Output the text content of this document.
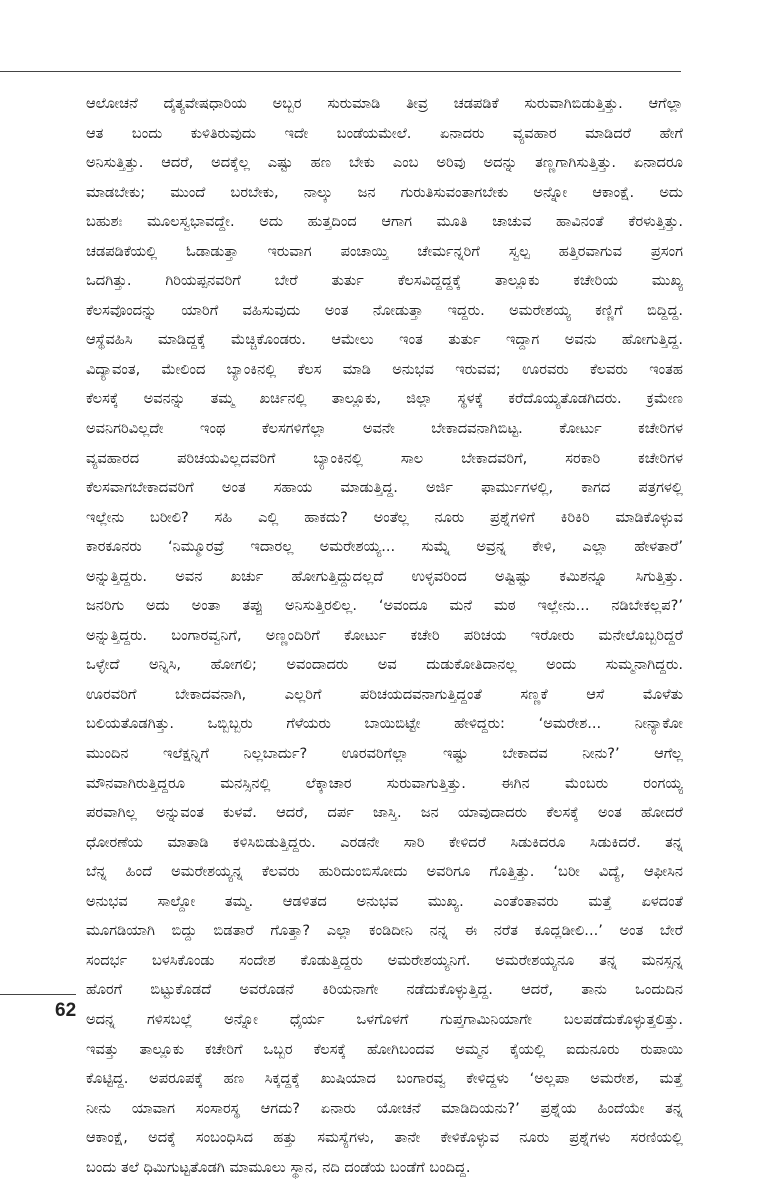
ಆಲೋಚನೆ ದೈತ್ಯವೇಷಧಾರಿಯ ಅಬ್ಬರ ಸುರುಮಾಡಿ ತೀವ್ರ ಚಡಪಡಿಕೆ ಸುರುವಾಗಿಬಿಡುತ್ತಿತ್ತು. ಆಗೆಲ್ಲಾ
ಆತ ಬಂದು ಕುಳಿತಿರುವುದು ಇದೇ ಬಂಡೆಯಮೇಲೆ. ಏನಾದರು ವ್ಯವಹಾರ ಮಾಡಿದರೆ ಹೇಗೆ
ಅನಿಸುತ್ತಿತ್ತು. ಆದರೆ, ಅದಕ್ಕೆಲ್ಲ ಎಷ್ಟು ಹಣ ಬೇಕು ಎಂಬ ಅರಿವು ಅದನ್ನು ತಣ್ಣಗಾಗಿಸುತ್ತಿತ್ತು. ಏನಾದರೂ
ಮಾಡಬೇಕು; ಮುಂದೆ ಬರಬೇಕು, ನಾಲ್ಕು ಜನ ಗುರುತಿಸುವಂತಾಗಬೇಕು ಅನ್ನೋ ಆಕಾಂಕ್ಷೆ. ಅದು
ಬಹುಶಃ ಮೂಲಸ್ವಭಾವದ್ದೇ. ಅದು ಹುತ್ತದಿಂದ ಆಗಾಗ ಮೂತಿ ಚಾಚುವ ಹಾವಿನಂತೆ ಕೆರಳುತ್ತಿತ್ತು.
ಚಡಪಡಿಕೆಯಲ್ಲಿ ಓಡಾಡುತ್ತಾ ಇರುವಾಗ ಪಂಚಾಯ್ತಿ ಚೇರ್ಮನ್ನರಿಗೆ ಸ್ವಲ್ಪ ಹತ್ತಿರವಾಗುವ ಪ್ರಸಂಗ
ಒದಗಿತ್ತು. ಗಿರಿಯಪ್ಪನವರಿಗೆ ಬೇರೆ ತುರ್ತು ಕೆಲಸವಿದ್ದದ್ದಕ್ಕೆ ತಾಲ್ಲೂಕು ಕಚೇರಿಯ ಮುಖ್ಯ
ಕೆಲಸವೊಂದನ್ನು ಯಾರಿಗೆ ವಹಿಸುವುದು ಅಂತ ನೋಡುತ್ತಾ ಇದ್ದರು. ಅಮರೇಶಯ್ಯ ಕಣ್ಣಿಗೆ ಬಿದ್ದಿದ್ದ.
ಆಸ್ಥೆವಹಿಸಿ ಮಾಡಿದ್ದಕ್ಕೆ ಮೆಚ್ಚಿಕೊಂಡರು. ಆಮೇಲು ಇಂತ ತುರ್ತು ಇದ್ದಾಗ ಅವನು ಹೋಗುತ್ತಿದ್ದ.
ವಿದ್ಯಾವಂತ, ಮೇಲಿಂದ ಬ್ಯಾಂಕಿನಲ್ಲಿ ಕೆಲಸ ಮಾಡಿ ಅನುಭವ ಇರುವವ; ಊರವರು ಕೆಲವರು ಇಂತಹ
ಕೆಲಸಕ್ಕೆ ಅವನನ್ನು ತಮ್ಮ ಖರ್ಚಿನಲ್ಲಿ ತಾಲ್ಲೂಕು, ಜಿಲ್ಲಾ ಸ್ಥಳಕ್ಕೆ ಕರೆದೊಯ್ಯತೊಡಗಿದರು. ಕ್ರಮೇಣ
ಅವನಿಗರಿವಿಲ್ಲದೇ ಇಂಥ ಕೆಲಸಗಳಿಗೆಲ್ಲಾ ಅವನೇ ಬೇಕಾದವನಾಗಿಬಿಟ್ಟ. ಕೋರ್ಟು ಕಚೇರಿಗಳ
ವ್ಯವಹಾರದ ಪರಿಚಯವಿಲ್ಲದವರಿಗೆ ಬ್ಯಾಂಕಿನಲ್ಲಿ ಸಾಲ ಬೇಕಾದವರಿಗೆ, ಸರಕಾರಿ ಕಚೇರಿಗಳ
ಕೆಲಸವಾಗಬೇಕಾದವರಿಗೆ ಅಂತ ಸಹಾಯ ಮಾಡುತ್ತಿದ್ದ. ಅರ್ಜಿ ಫಾರ್ಮುಗಳಲ್ಲಿ, ಕಾಗದ ಪತ್ರಗಳಲ್ಲಿ
ಇಲ್ಲೇನು ಬರೀಲಿ? ಸಹಿ ಎಲ್ಲಿ ಹಾಕದು? ಅಂತೆಲ್ಲ ನೂರು ಪ್ರಶ್ನೆಗಳಿಗೆ ಕಿರಿಕಿರಿ ಮಾಡಿಕೊಳ್ಳುವ
ಕಾರಕೂನರು ‘ನಿಮ್ಮೂರವ್ರೆ ಇದಾರಲ್ಲ ಅಮರೇಶಯ್ಯ... ಸುಮ್ನೆ ಅವ್ರನ್ನ ಕೇಳಿ, ಎಲ್ಲಾ ಹೇಳತಾರೆ’
ಅನ್ನುತ್ತಿದ್ದರು. ಅವನ ಖರ್ಚು ಹೋಗುತ್ತಿದ್ದುದಲ್ಲದೆ ಉಳ್ಳವರಿಂದ ಅಷ್ಟಿಷ್ಟು ಕಮಿಶನ್ನೂ ಸಿಗುತ್ತಿತ್ತು.
ಜನರಿಗು ಅದು ಅಂತಾ ತಪ್ಪು ಅನಿಸುತ್ತಿರಲಿಲ್ಲ. ‘ಅವಂದೂ ಮನೆ ಮಠ ಇಲ್ಲೇನು... ನಡಿಬೇಕಲ್ಲಪ?’
ಅನ್ನುತ್ತಿದ್ದರು. ಬಂಗಾರವ್ವನಿಗೆ, ಅಣ್ಣಂದಿರಿಗೆ ಕೋರ್ಟು ಕಚೇರಿ ಪರಿಚಯ ಇರೋರು ಮನೇಲೊಬ್ಬರಿದ್ದರೆ
ಒಳ್ಳೇದೆ ಅನ್ನಿಸಿ, ಹೋಗಲಿ; ಅವಂದಾದರು ಅವ ದುಡುಕೋತಿದಾನಲ್ಲ ಅಂದು ಸುಮ್ಮನಾಗಿದ್ದರು.
ಊರವರಿಗೆ ಬೇಕಾದವನಾಗಿ, ಎಲ್ಲರಿಗೆ ಪರಿಚಯದವನಾಗುತ್ತಿದ್ದಂತೆ ಸಣ್ಣಕೆ ಆಸೆ ಮೊಳೆತು
ಬಲಿಯತೊಡಗಿತ್ತು. ಒಬ್ಬಿಬ್ಬರು ಗೆಳೆಯರು ಬಾಯಿಬಿಟ್ಟೇ ಹೇಳಿದ್ದರು: ‘ಅಮರೇಶ... ನೀನ್ಯಾಕೋ
ಮುಂದಿನ ಇಲೆಕ್ಷನ್ನಿಗೆ ನಿಲ್ಲಬಾರ್ದು? ಊರವರಿಗೆಲ್ಲಾ ಇಷ್ಟು ಬೇಕಾದವ ನೀನು?’ ಆಗೆಲ್ಲ
ಮೌನವಾಗಿರುತ್ತಿದ್ದರೂ ಮನಸ್ಸಿನಲ್ಲಿ ಲೆಕ್ಕಾಚಾರ ಸುರುವಾಗುತ್ತಿತ್ತು. ಈಗಿನ ಮೆಂಬರು ರಂಗಯ್ಯ
ಪರವಾಗಿಲ್ಲ ಅನ್ನುವಂತ ಕುಳವೆ. ಆದರೆ, ದರ್ಪ ಜಾಸ್ತಿ. ಜನ ಯಾವುದಾದರು ಕೆಲಸಕ್ಕೆ ಅಂತ ಹೋದರೆ
ಧೋರಣೆಯ ಮಾತಾಡಿ ಕಳಿಸಿಬಿಡುತ್ತಿದ್ದರು. ಎರಡನೇ ಸಾರಿ ಕೇಳಿದರೆ ಸಿಡುಕಿದರೂ ಸಿಡುಕಿದರೆ. ತನ್ನ
ಬೆನ್ನ ಹಿಂದೆ ಅಮರೇಶಯ್ಯನ್ನ ಕೆಲವರು ಹುರಿದುಂಬಿಸೋದು ಅವರಿಗೂ ಗೊತ್ತಿತ್ತು. ‘ಬರೀ ವಿದ್ಯೆ, ಆಫೀಸಿನ
ಅನುಭವ ಸಾಲ್ದೋ ತಮ್ಮ. ಆಡಳಿತದ ಅನುಭವ ಮುಖ್ಯ. ಎಂತೆಂತಾವರು ಮತ್ತೆ ಏಳದಂತೆ
ಮೂಗಡಿಯಾಗಿ ಬಿದ್ದು ಬಿಡತಾರೆ ಗೊತ್ತಾ? ಎಲ್ಲಾ ಕಂಡಿದೀನಿ ನನ್ನ ಈ ನರೆತ ಕೂದ್ಲಡೀಲಿ...’ ಅಂತ ಬೇರೆ
ಸಂದರ್ಭ ಬಳಸಿಕೊಂಡು ಸಂದೇಶ ಕೊಡುತ್ತಿದ್ದರು ಅಮರೇಶಯ್ಯನಿಗೆ. ಅಮರೇಶಯ್ಯನೂ ತನ್ನ ಮನಸ್ಸನ್ನ
ಹೊರಗೆ ಬಿಟ್ಟುಕೊಡದೆ ಅವರೊಡನೆ ಕಿರಿಯನಾಗೇ ನಡೆದುಕೊಳ್ಳುತ್ತಿದ್ದ. ಆದರೆ, ತಾನು ಒಂದುದಿನ
ಅದನ್ನ ಗಳಿಸಬಲ್ಲೆ ಅನ್ನೋ ಧೈರ್ಯ ಒಳಗೊಳಗೆ ಗುಪ್ತಗಾಮಿನಿಯಾಗೇ ಬಲಪಡೆದುಕೊಳ್ಳುತ್ತಲಿತ್ತು.
ಇವತ್ತು ತಾಲ್ಲೂಕು ಕಚೇರಿಗೆ ಒಬ್ಬರ ಕೆಲಸಕ್ಕೆ ಹೋಗಿಬಂದವ ಅಮ್ಮನ ಕೈಯಲ್ಲಿ ಐದುನೂರು ರುಪಾಯಿ
ಕೊಟ್ಟಿದ್ದ. ಅಪರೂಪಕ್ಕೆ ಹಣ ಸಿಕ್ಕದ್ದಕ್ಕೆ ಖುಷಿಯಾದ ಬಂಗಾರವ್ವ ಕೇಳಿದ್ದಳು ‘ಅಲ್ಲಪಾ ಅಮರೇಶ, ಮತ್ತೆ
ನೀನು ಯಾವಾಗ ಸಂಸಾರಸ್ಥ ಆಗದು? ಏನಾರು ಯೋಚನೆ ಮಾಡಿದಿಯನು?’ ಪ್ರಶ್ನೆಯ ಹಿಂದೆಯೇ ತನ್ನ
ಆಕಾಂಕ್ಷೆ, ಅದಕ್ಕೆ ಸಂಬಂಧಿಸಿದ ಹತ್ತು ಸಮಸ್ಯೆಗಳು, ತಾನೇ ಕೇಳಿಕೊಳ್ಳುವ ನೂರು ಪ್ರಶ್ನೆಗಳು ಸರಣಿಯಲ್ಲಿ
ಬಂದು ತಲೆ ಧಿಮಿಗುಟ್ಟತೊಡಗಿ ಮಾಮೂಲು ಸ್ಥಾನ, ನದಿ ದಂಡೆಯ ಬಂಡೆಗೆ ಬಂದಿದ್ದ.
62
